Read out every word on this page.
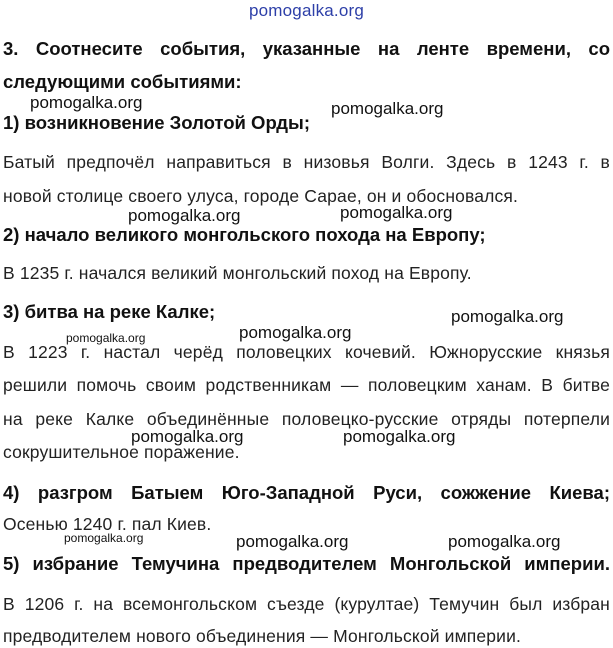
pomogalka.org
3. Соотнесите события, указанные на ленте времени, со
следующими событиями:
1) возникновение Золотой Орды;
Батый предпочёл направиться в низовья Волги. Здесь в 1243 г. в
новой столице своего улуса, городе Сарае, он и обосновался.
2) начало великого монгольского похода на Европу;
В 1235 г. начался великий монгольский поход на Европу.
3) битва на реке Калке;
В 1223 г. настал черёд половецких кочевий. Южнорусские князья
решили помочь своим родственникам — половецким ханам. В битве
на реке Калке объединённые половецко-русские отряды потерпели
сокрушительное поражение.
4) разгром Батыем Юго-Западной Руси, сожжение Киева;
Осенью 1240 г. пал Киев.
5) избрание Темучина предводителем Монгольской империи.
В 1206 г. на всемонгольском съезде (курултае) Темучин был избран
предводителем нового объединения — Монгольской империи.
pomogalka.org	pomogalka.org
pomogalka.org	pomogalka.org
pomogalka.org
pomogalka.org
pomogalka.org
pomogalka.org	pomogalka.org
pomogalka.org	pomogalka.org	pomogalka.org
